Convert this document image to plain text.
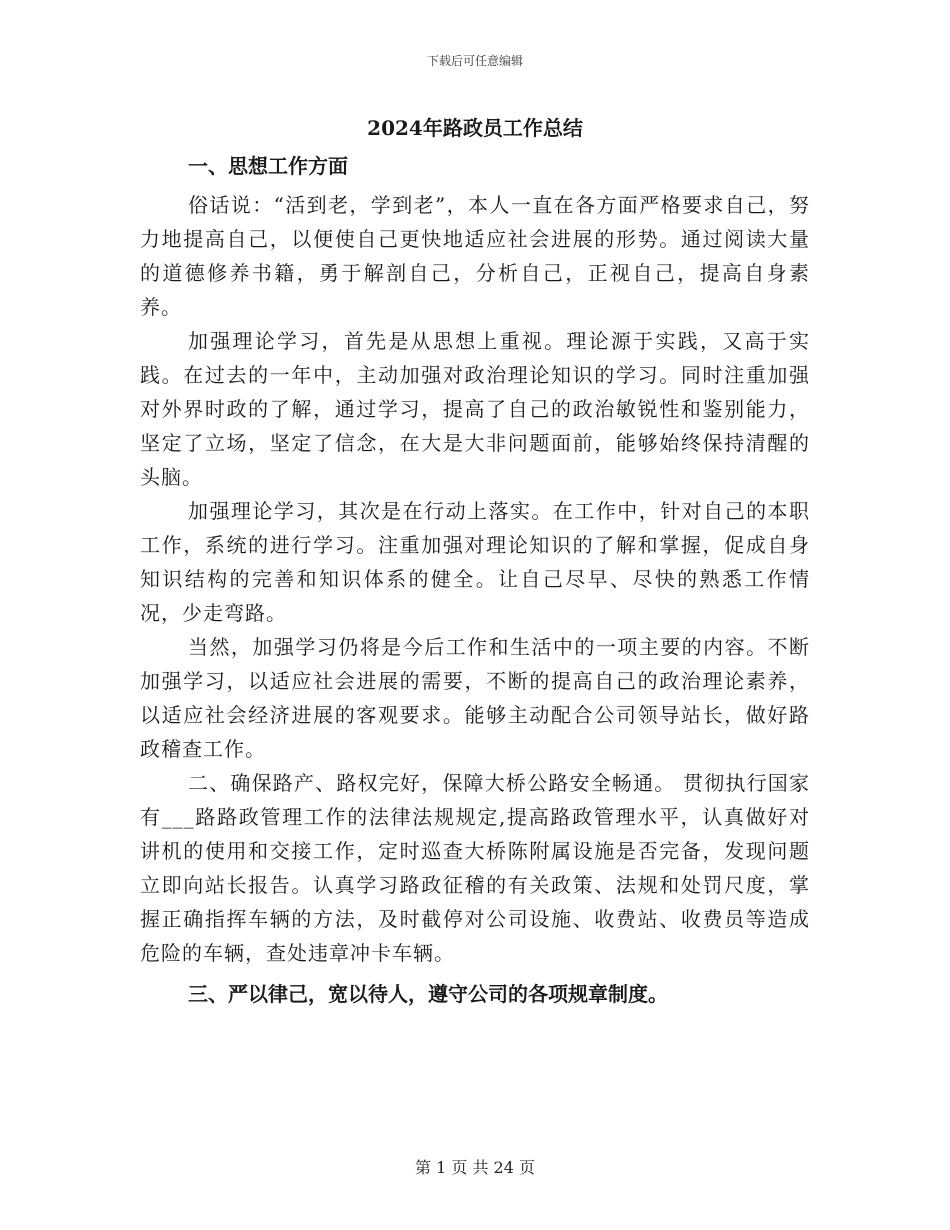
下载后可任意编辑
2024年路政员工作总结
一、思想工作方面

俗话说：“活到老，学到老”，本人一直在各方面严格要求自己，努力地提高自己，以便使自己更快地适应社会进展的形势。通过阅读大量的道德修养书籍，勇于解剖自己，分析自己，正视自己，提高自身素养。

加强理论学习，首先是从思想上重视。理论源于实践，又高于实践。在过去的一年中，主动加强对政治理论知识的学习。同时注重加强对外界时政的了解，通过学习，提高了自己的政治敏锐性和鉴别能力，坚定了立场，坚定了信念，在大是大非问题面前，能够始终保持清醒的头脑。

加强理论学习，其次是在行动上落实。在工作中，针对自己的本职工作，系统的进行学习。注重加强对理论知识的了解和掌握，促成自身知识结构的完善和知识体系的健全。让自己尽早、尽快的熟悉工作情况，少走弯路。

当然，加强学习仍将是今后工作和生活中的一项主要的内容。不断加强学习，以适应社会进展的需要，不断的提高自己的政治理论素养，以适应社会经济进展的客观要求。能够主动配合公司领导站长，做好路政稽查工作。

二、确保路产、路权完好，保障大桥公路安全畅通。 贯彻执行国家有___路路政管理工作的法律法规规定,提高路政管理水平，认真做好对讲机的使用和交接工作，定时巡查大桥陈附属设施是否完备，发现问题立即向站长报告。认真学习路政征稽的有关政策、法规和处罚尺度，掌握正确指挥车辆的方法，及时截停对公司设施、收费站、收费员等造成危险的车辆，查处违章冲卡车辆。

三、严以律己，宽以待人，遵守公司的各项规章制度。
第 1 页 共 24 页
